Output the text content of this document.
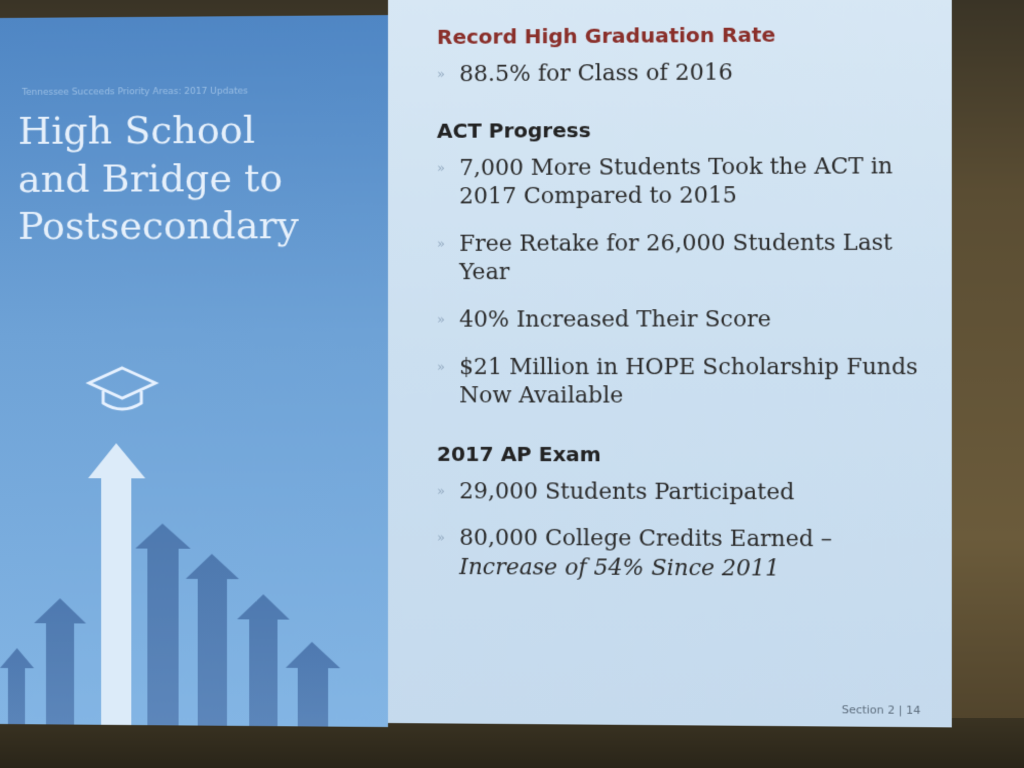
Tennessee Succeeds Priority Areas: 2017 Updates
High School
and Bridge to
Postsecondary
Record High Graduation Rate
» 88.5% for Class of 2016
ACT Progress
» 7,000 More Students Took the ACT in 2017 Compared to 2015
» Free Retake for 26,000 Students Last Year
» 40% Increased Their Score
» $21 Million in HOPE Scholarship Funds Now Available
2017 AP Exam
» 29,000 Students Participated
» 80,000 College Credits Earned –
Increase of 54% Since 2011
Section 2 | 14
